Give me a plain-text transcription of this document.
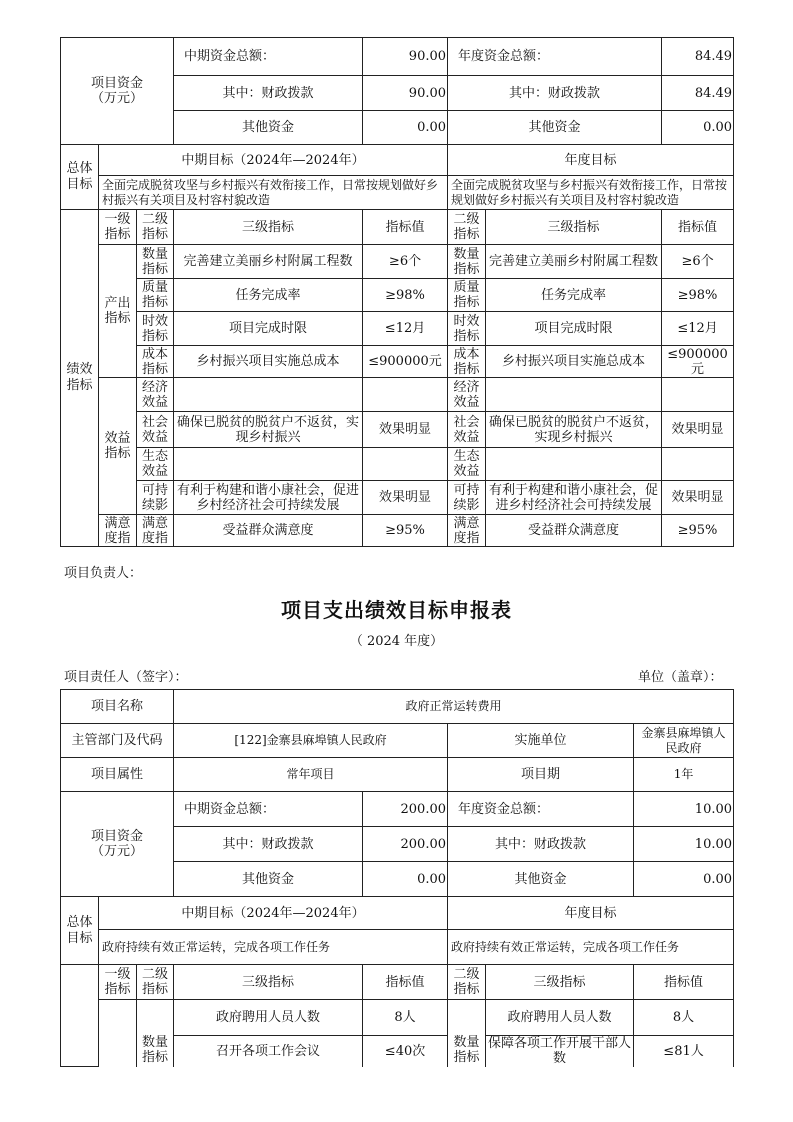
项目资金
（万元）			中期资金总额：	90.00	年度资金总额：		84.49
			其中：财政拨款	90.00	其中：财政拨款		84.49
			其他资金	0.00	其他资金		0.00
总体目标	中期目标（2024年—2024年）				年度目标		
	全面完成脱贫攻坚与乡村振兴有效衔接工作，日常按规划做好乡村振兴有关项目及村容村貌改造				全面完成脱贫攻坚与乡村振兴有效衔接工作，日常按规划做好乡村振兴有关项目及村容村貌改造		
绩效指标	一级指标	二级指标	三级指标	指标值	二级指标	三级指标	指标值
	产出指标	数量指标	完善建立美丽乡村附属工程数	≥6个	数量指标	完善建立美丽乡村附属工程数	≥6个
		质量指标	任务完成率	≥98%	质量指标	任务完成率	≥98%
		时效指标	项目完成时限	≤12月	时效指标	项目完成时限	≤12月
		成本指标	乡村振兴项目实施总成本	≤900000元	成本指标	乡村振兴项目实施总成本	≤900000元
	效益指标	经济效益			经济效益		
		社会效益	确保已脱贫的脱贫户不返贫，实现乡村振兴	效果明显	社会效益	确保已脱贫的脱贫户不返贫，实现乡村振兴	效果明显
		生态效益			生态效益		
		可持续影	有利于构建和谐小康社会，促进乡村经济社会可持续发展	效果明显	可持续影	有利于构建和谐小康社会，促进乡村经济社会可持续发展	效果明显
	满意度指	满意度指	受益群众满意度	≥95%	满意度指	受益群众满意度	≥95%
项目负责人：
项目支出绩效目标申报表
（ 2024 年度）
项目责任人（签字）：	单位（盖章）：
项目名称			政府正常运转费用				
主管部门及代码			[122]金寨县麻埠镇人民政府		实施单位		金寨县麻埠镇人民政府
项目属性			常年项目		项目期		1年
项目资金
（万元）			中期资金总额：	200.00	年度资金总额：		10.00
			其中：财政拨款	200.00	其中：财政拨款		10.00
			其他资金	0.00	其他资金		0.00
总体目标	中期目标（2024年—2024年）				年度目标		
	政府持续有效正常运转，完成各项工作任务				政府持续有效正常运转，完成各项工作任务		
	一级指标	二级指标	三级指标	指标值	二级指标	三级指标	指标值
		数量指标	政府聘用人员人数	8人	数量指标	政府聘用人员人数	8人
			召开各项工作会议	≤40次		保障各项工作开展干部人数	≤81人
